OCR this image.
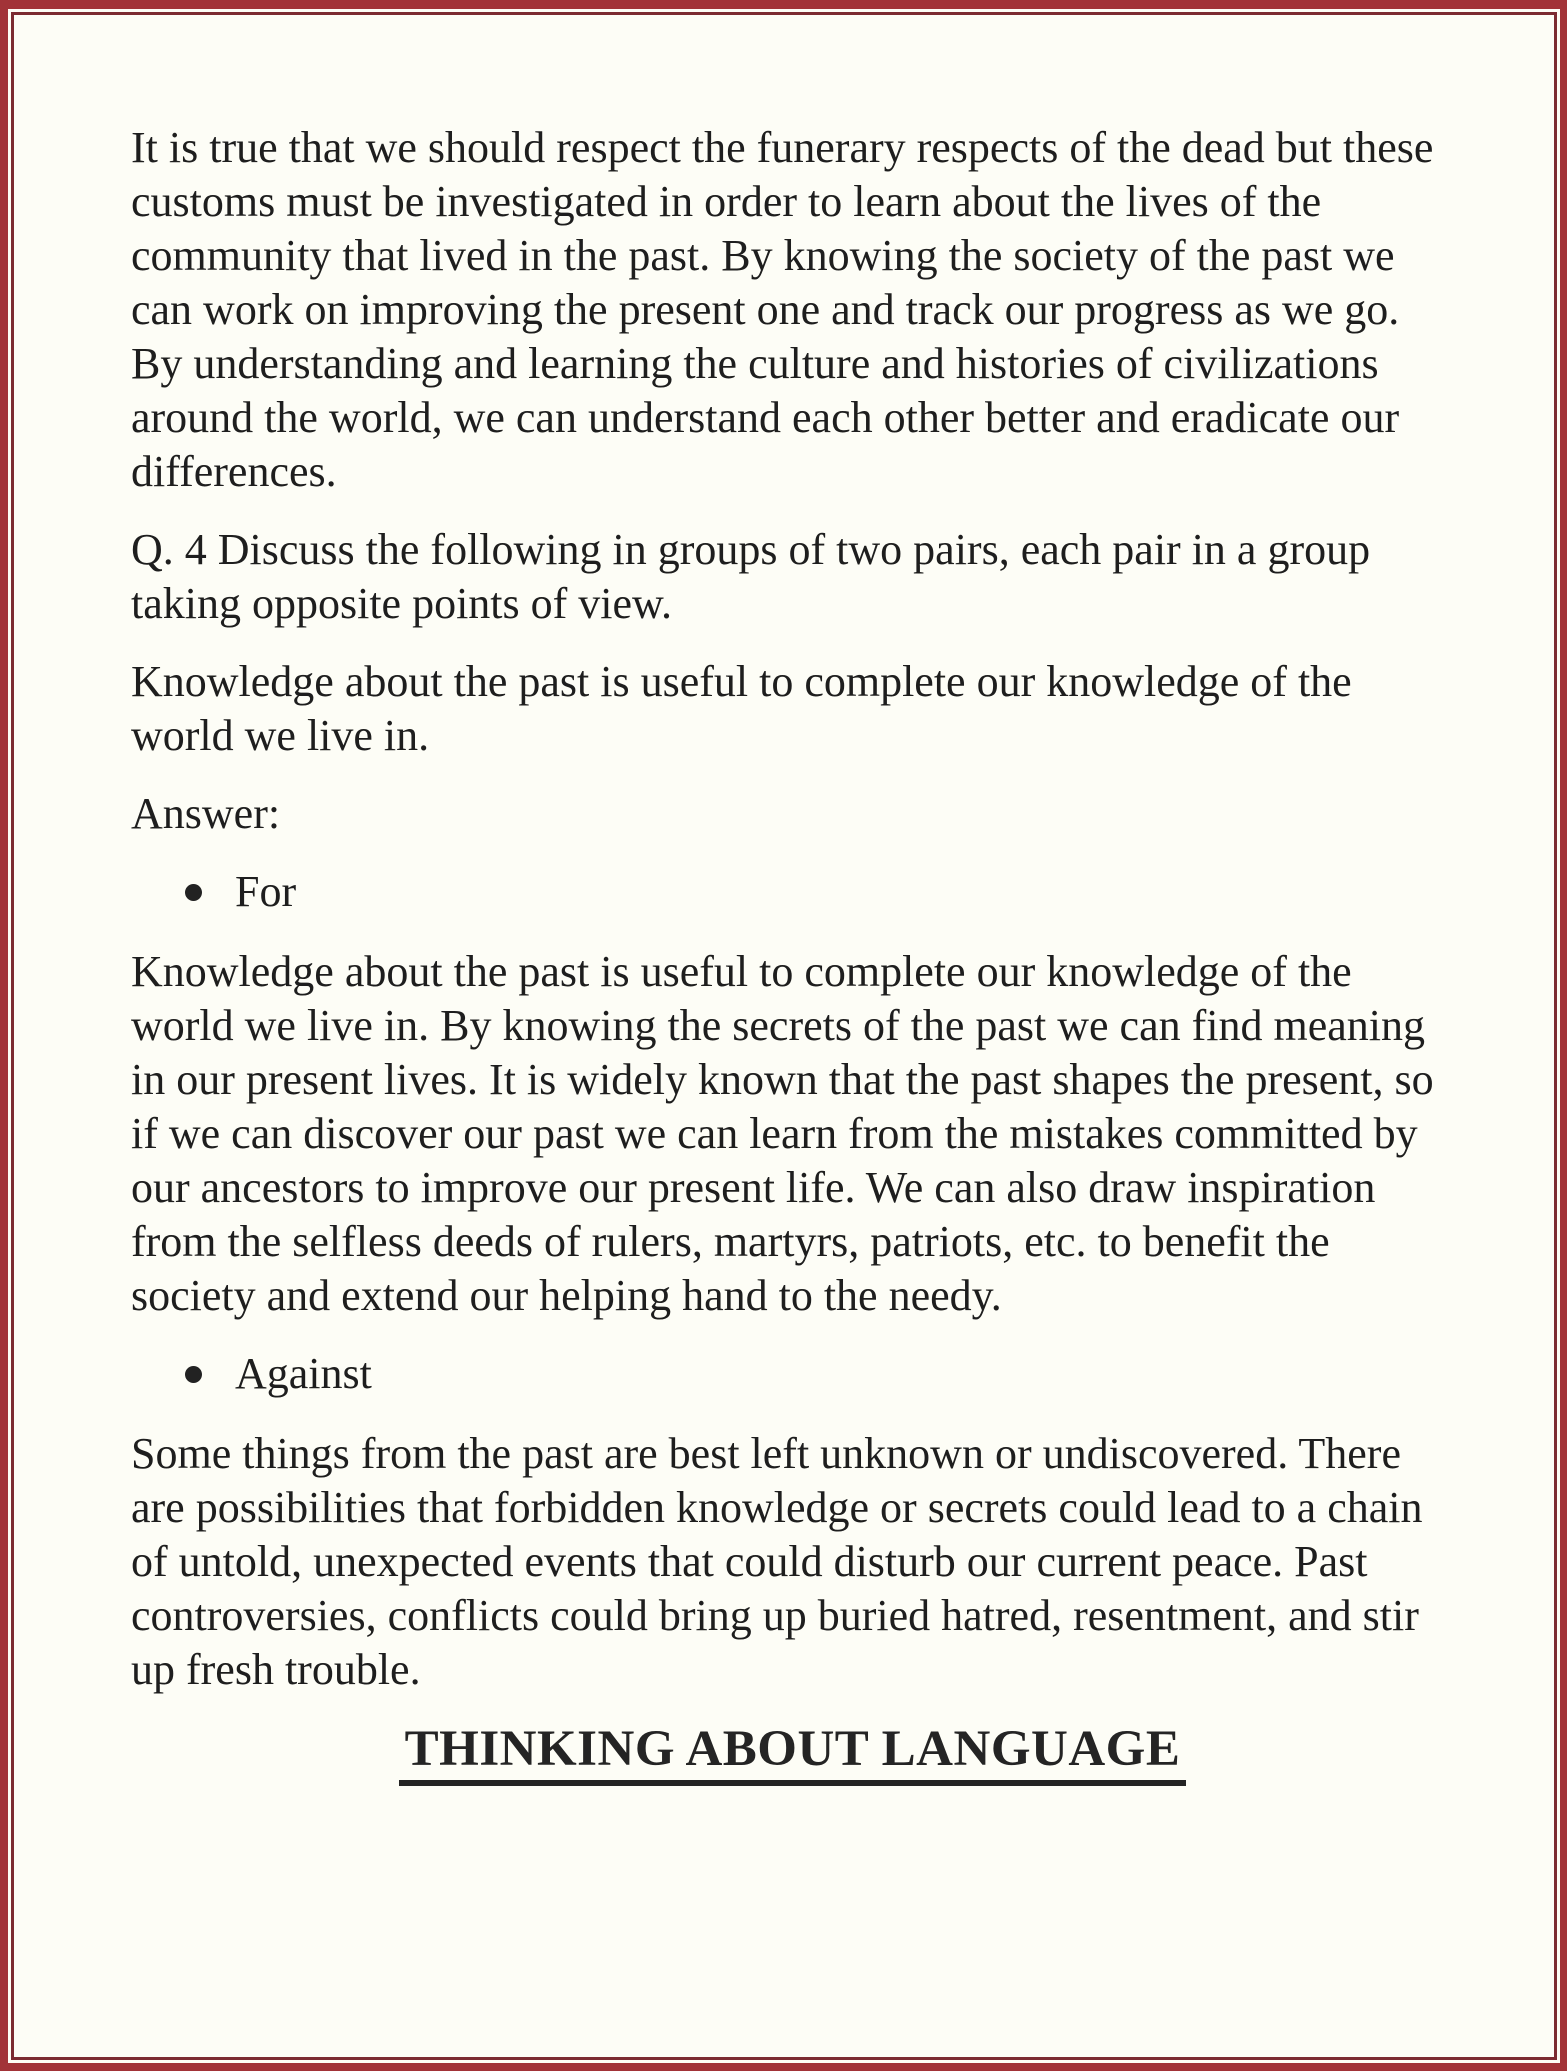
It is true that we should respect the funerary respects of the dead but these customs must be investigated in order to learn about the lives of the community that lived in the past. By knowing the society of the past we can work on improving the present one and track our progress as we go. By understanding and learning the culture and histories of civilizations around the world, we can understand each other better and eradicate our differences.

Q. 4 Discuss the following in groups of two pairs, each pair in a group taking opposite points of view.

Knowledge about the past is useful to complete our knowledge of the world we live in.

Answer:

For

Knowledge about the past is useful to complete our knowledge of the world we live in. By knowing the secrets of the past we can find meaning in our present lives. It is widely known that the past shapes the present, so if we can discover our past we can learn from the mistakes committed by our ancestors to improve our present life. We can also draw inspiration from the selfless deeds of rulers, martyrs, patriots, etc. to benefit the society and extend our helping hand to the needy.

Against

Some things from the past are best left unknown or undiscovered. There are possibilities that forbidden knowledge or secrets could lead to a chain of untold, unexpected events that could disturb our current peace. Past controversies, conflicts could bring up buried hatred, resentment, and stir up fresh trouble.

THINKING ABOUT LANGUAGE
